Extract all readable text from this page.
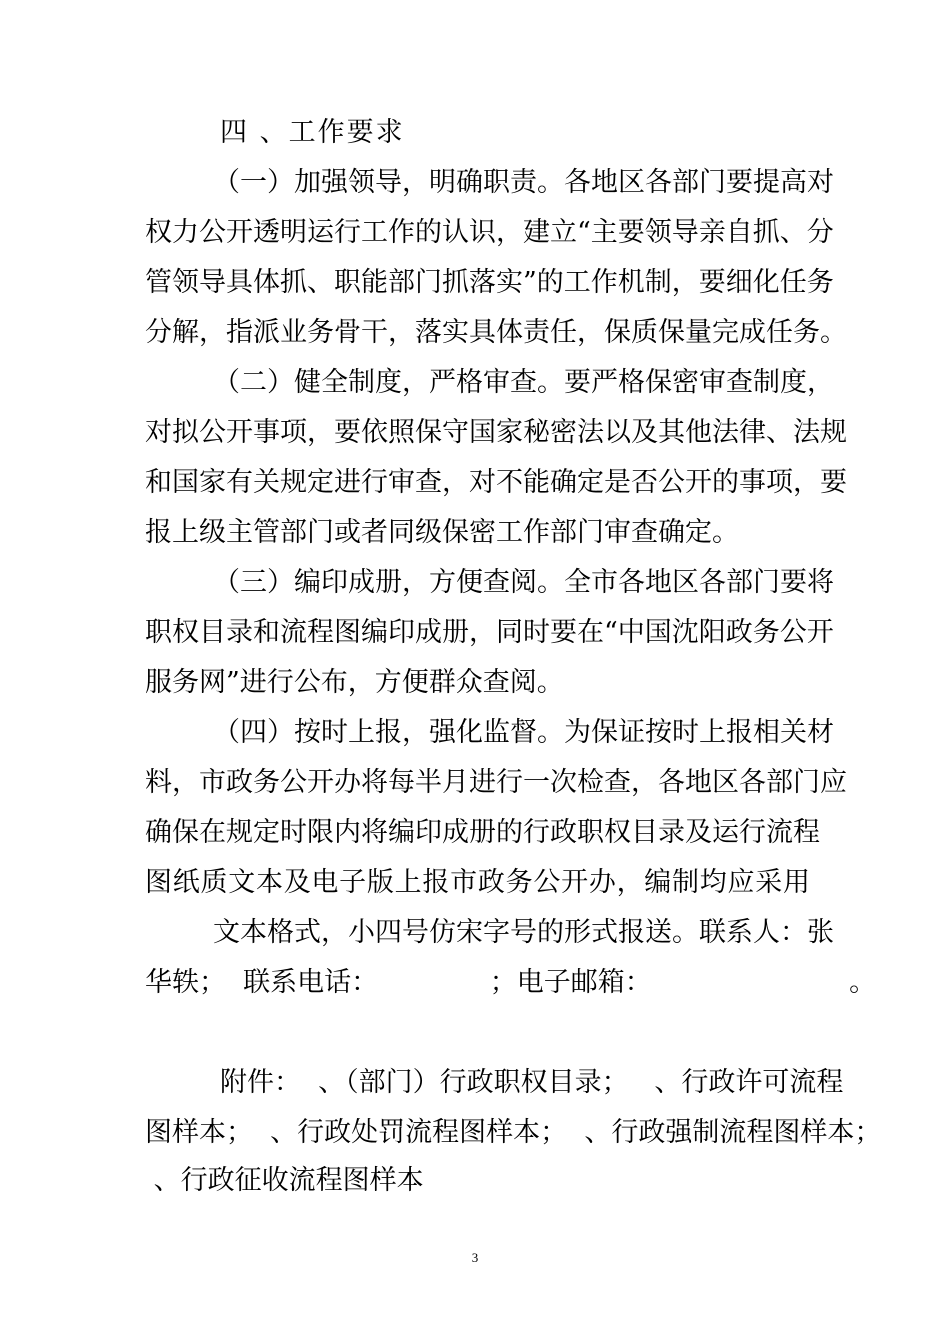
四 、工作要求
（一）加强领导，明确职责。各地区各部门要提高对
权力公开透明运行工作的认识，建立“主要领导亲自抓、分
管领导具体抓、职能部门抓落实”的工作机制，要细化任务
分解，指派业务骨干，落实具体责任，保质保量完成任务。
（二）健全制度，严格审查。要严格保密审查制度，
对拟公开事项，要依照保守国家秘密法以及其他法律、法规
和国家有关规定进行审查，对不能确定是否公开的事项，要
报上级主管部门或者同级保密工作部门审查确定。
（三）编印成册，方便查阅。全市各地区各部门要将
职权目录和流程图编印成册，同时要在“中国沈阳政务公开
服务网”进行公布，方便群众查阅。
（四）按时上报，强化监督。为保证按时上报相关材
料，市政务公开办将每半月进行一次检查，各地区各部门应
确保在规定时限内将编印成册的行政职权目录及运行流程
图纸质文本及电子版上报市政务公开办，编制均应采用
文本格式，小四号仿宋字号的形式报送。联系人：张
华轶；  联系电话：             ；电子邮箱：                       。
附件：  、（部门）行政职权目录；   、行政许可流程
图样本；  、行政处罚流程图样本；  、行政强制流程图样本；
、行政征收流程图样本
3
